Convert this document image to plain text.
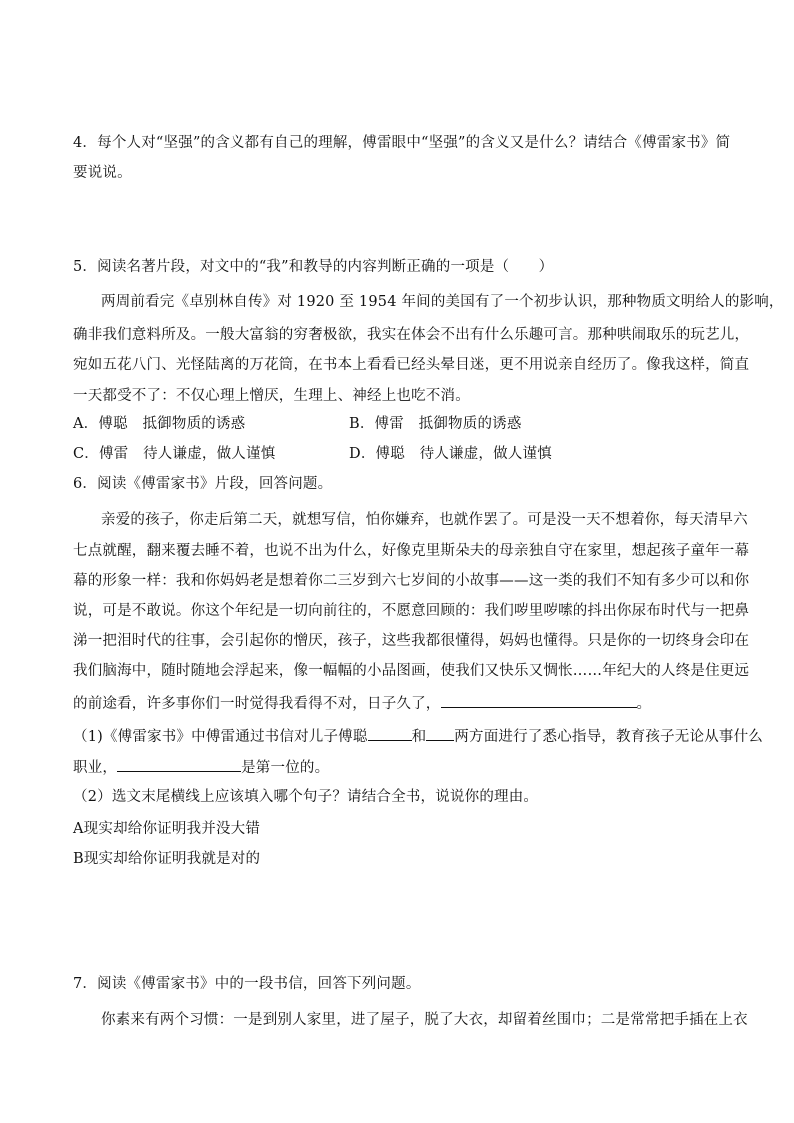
4．每个人对“坚强”的含义都有自己的理解，傅雷眼中“坚强”的含义又是什么？请结合《傅雷家书》简
要说说。
5．阅读名著片段，对文中的“我”和教导的内容判断正确的一项是（　　）
两周前看完《卓别林自传》对 1920 至 1954 年间的美国有了一个初步认识，那种物质文明给人的影响，
确非我们意料所及。一般大富翁的穷奢极欲，我实在体会不出有什么乐趣可言。那种哄闹取乐的玩艺儿，
宛如五花八门、光怪陆离的万花筒，在书本上看看已经头晕目迷，更不用说亲自经历了。像我这样，简直
一天都受不了：不仅心理上憎厌，生理上、神经上也吃不消。
A．傅聪　抵御物质的诱惑	B．傅雷　抵御物质的诱惑
C．傅雷　待人谦虚，做人谨慎	D．傅聪　待人谦虚，做人谨慎
6．阅读《傅雷家书》片段，回答问题。
亲爱的孩子，你走后第二天，就想写信，怕你嫌弃，也就作罢了。可是没一天不想着你，每天清早六
七点就醒，翻来覆去睡不着，也说不出为什么，好像克里斯朵夫的母亲独自守在家里，想起孩子童年一幕
幕的形象一样：我和你妈妈老是想着你二三岁到六七岁间的小故事——这一类的我们不知有多少可以和你
说，可是不敢说。你这个年纪是一切向前往的，不愿意回顾的：我们哕里哕嗦的抖出你尿布时代与一把鼻
涕一把泪时代的往事，会引起你的憎厌，孩子，这些我都很懂得，妈妈也懂得。只是你的一切终身会印在
我们脑海中，随时随地会浮起来，像一幅幅的小品图画，使我们又快乐又惆怅……年纪大的人终是住更远
的前途看，许多事你们一时觉得我看得不对，日子久了，	。
（1)《傅雷家书》中傅雷通过书信对儿子傅聪	和 两方面进行了悉心指导，教育孩子无论从事什么
职业，	是第一位的。
（2）选文末尾横线上应该填入哪个句子？请结合全书，说说你的理由。
A现实却给你证明我并没大错
B现实却给你证明我就是对的
7．阅读《傅雷家书》中的一段书信，回答下列问题。
你素来有两个习惯：一是到别人家里，进了屋子，脱了大衣，却留着丝围巾；二是常常把手插在上衣
